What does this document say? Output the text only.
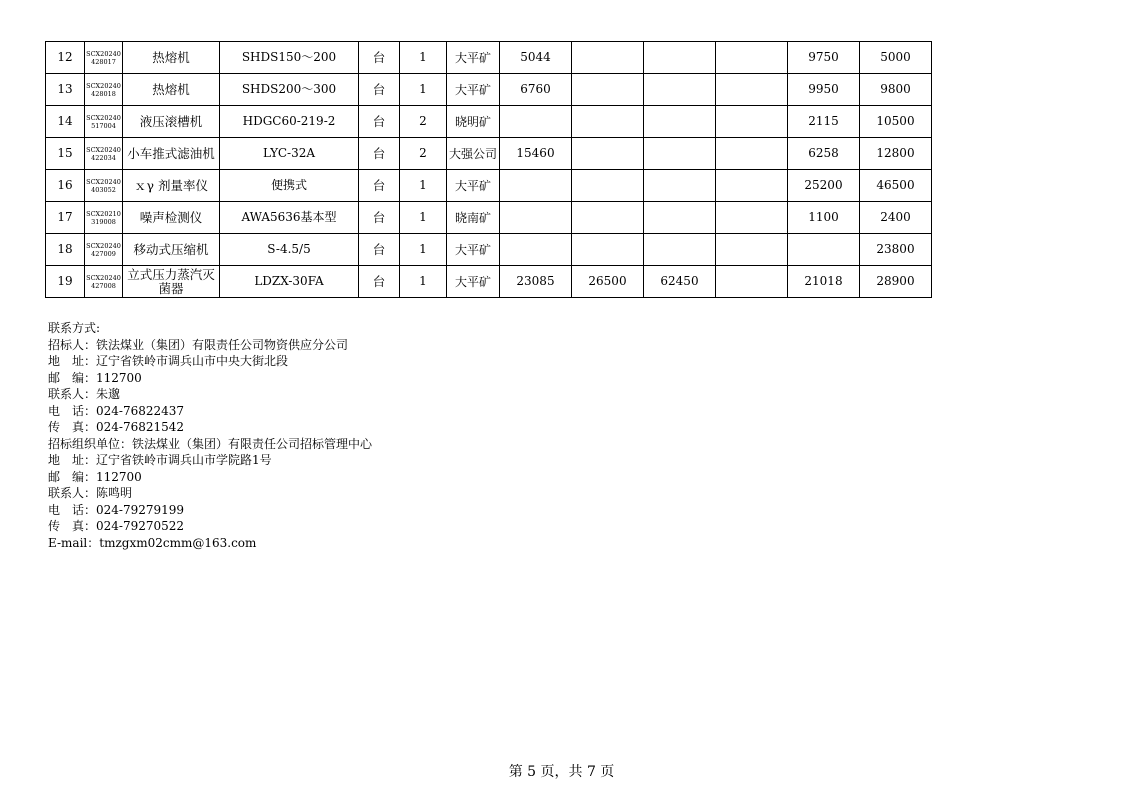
12	SCX20240428017	热熔机	SHDS150～200	台	1	大平矿	5044				9750	5000
13	SCX20240428018	热熔机	SHDS200～300	台	1	大平矿	6760				9950	9800
14	SCX20240517004	液压滚槽机	HDGC60-219-2	台	2	晓明矿					2115	10500
15	SCX20240422034	小车推式滤油机	LYC-32A	台	2	大强公司	15460				6258	12800
16	SCX20240403052	ｘγ 剂量率仪	便携式	台	1	大平矿					25200	46500
17	SCX20210319008	噪声检测仪	AWA5636基本型	台	1	晓南矿					1100	2400
18	SCX20240427009	移动式压缩机	S-4.5/5	台	1	大平矿						23800
19	SCX20240427008	立式压力蒸汽灭菌器	LDZX-30FA	台	1	大平矿	23085	26500	62450		21018	28900
联系方式:
招标人：铁法煤业（集团）有限责任公司物资供应分公司
地　址：辽宁省铁岭市调兵山市中央大街北段
邮　编：112700
联系人：朱邈
电　话：024-76822437
传　真：024-76821542
招标组织单位：铁法煤业（集团）有限责任公司招标管理中心
地　址：辽宁省铁岭市调兵山市学院路1号
邮　编：112700
联系人：陈鸣明
电　话：024-79279199
传　真：024-79270522
E-mail：tmzgxm02cmm@163.com
第 5 页，共 7 页
